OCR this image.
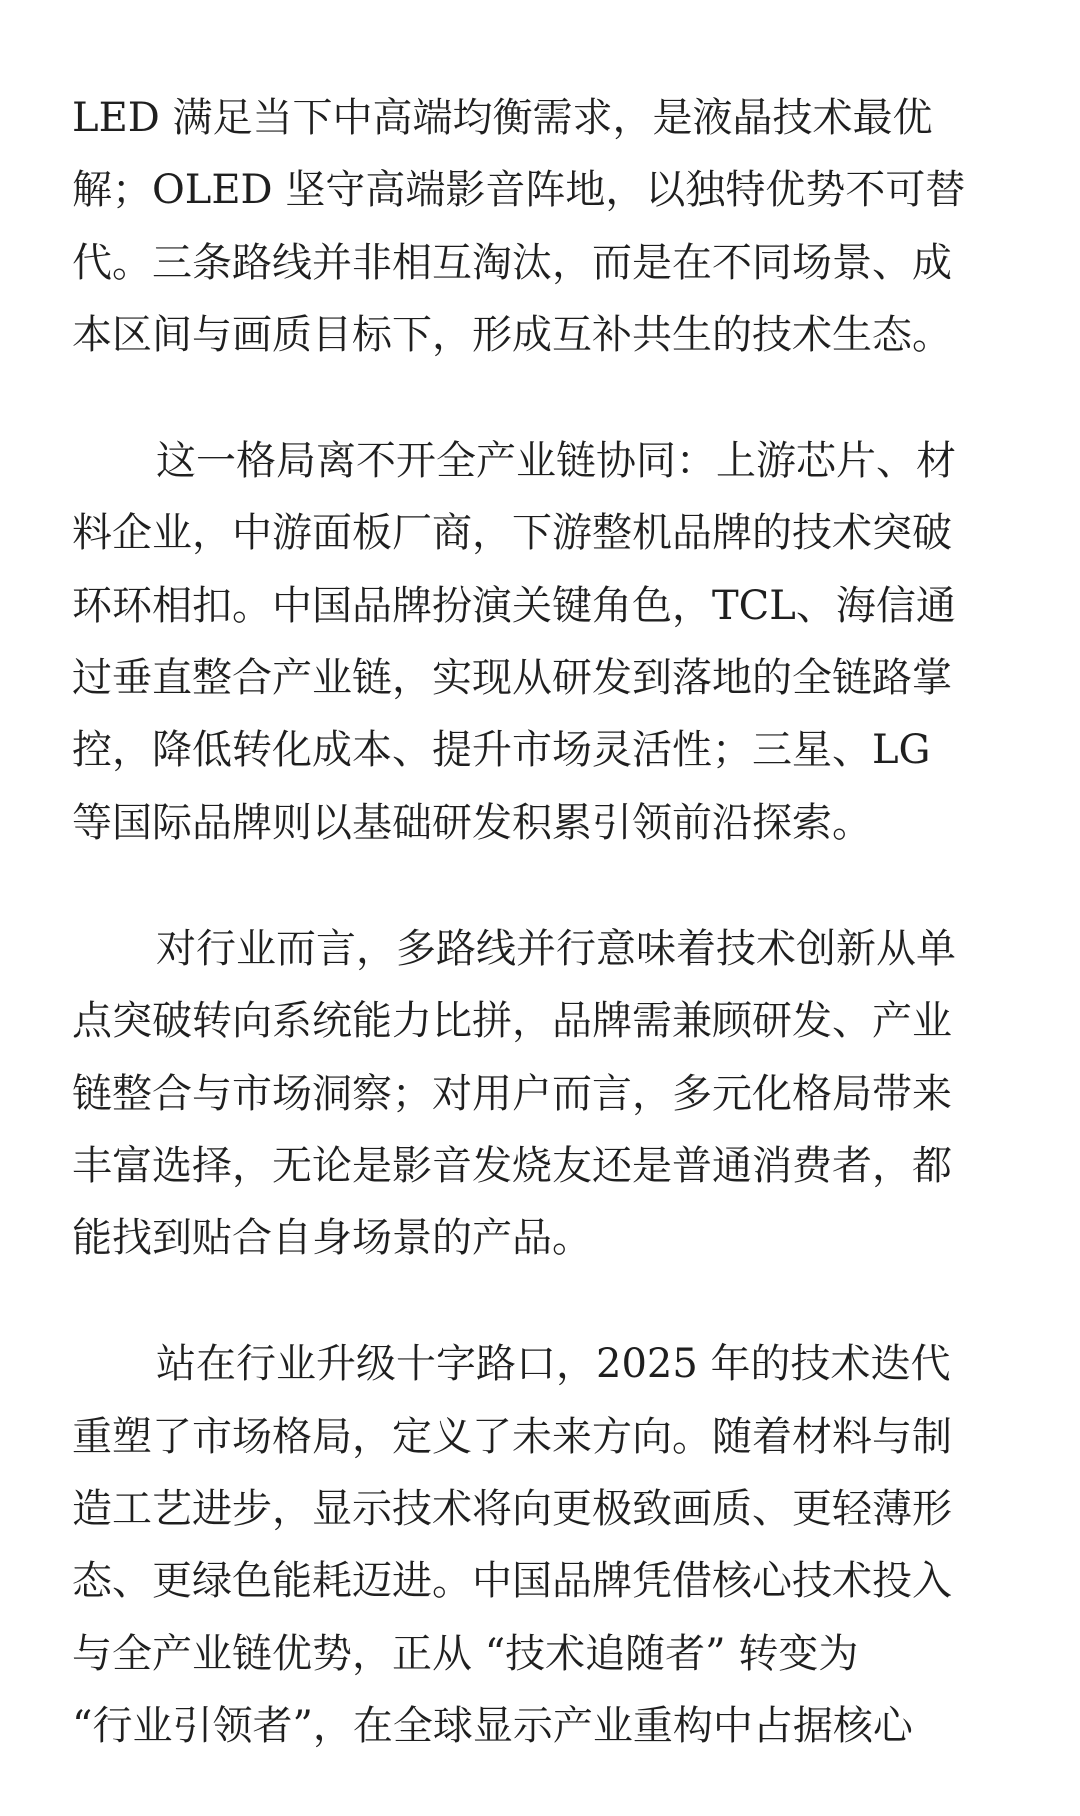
LED 满足当下中高端均衡需求，是液晶技术最优
解；OLED 坚守高端影音阵地，以独特优势不可替
代。三条路线并非相互淘汰，而是在不同场景、成
本区间与画质目标下，形成互补共生的技术生态。
这一格局离不开全产业链协同：上游芯片、材
料企业，中游面板厂商，下游整机品牌的技术突破
环环相扣。中国品牌扮演关键角色，TCL、海信通
过垂直整合产业链，实现从研发到落地的全链路掌
控，降低转化成本、提升市场灵活性；三星、LG
等国际品牌则以基础研发积累引领前沿探索。
对行业而言，多路线并行意味着技术创新从单
点突破转向系统能力比拼，品牌需兼顾研发、产业
链整合与市场洞察；对用户而言，多元化格局带来
丰富选择，无论是影音发烧友还是普通消费者，都
能找到贴合自身场景的产品。
站在行业升级十字路口，2025 年的技术迭代
重塑了市场格局，定义了未来方向。随着材料与制
造工艺进步，显示技术将向更极致画质、更轻薄形
态、更绿色能耗迈进。中国品牌凭借核心技术投入
与全产业链优势，正从 “技术追随者” 转变为
“行业引领者”，在全球显示产业重构中占据核心
